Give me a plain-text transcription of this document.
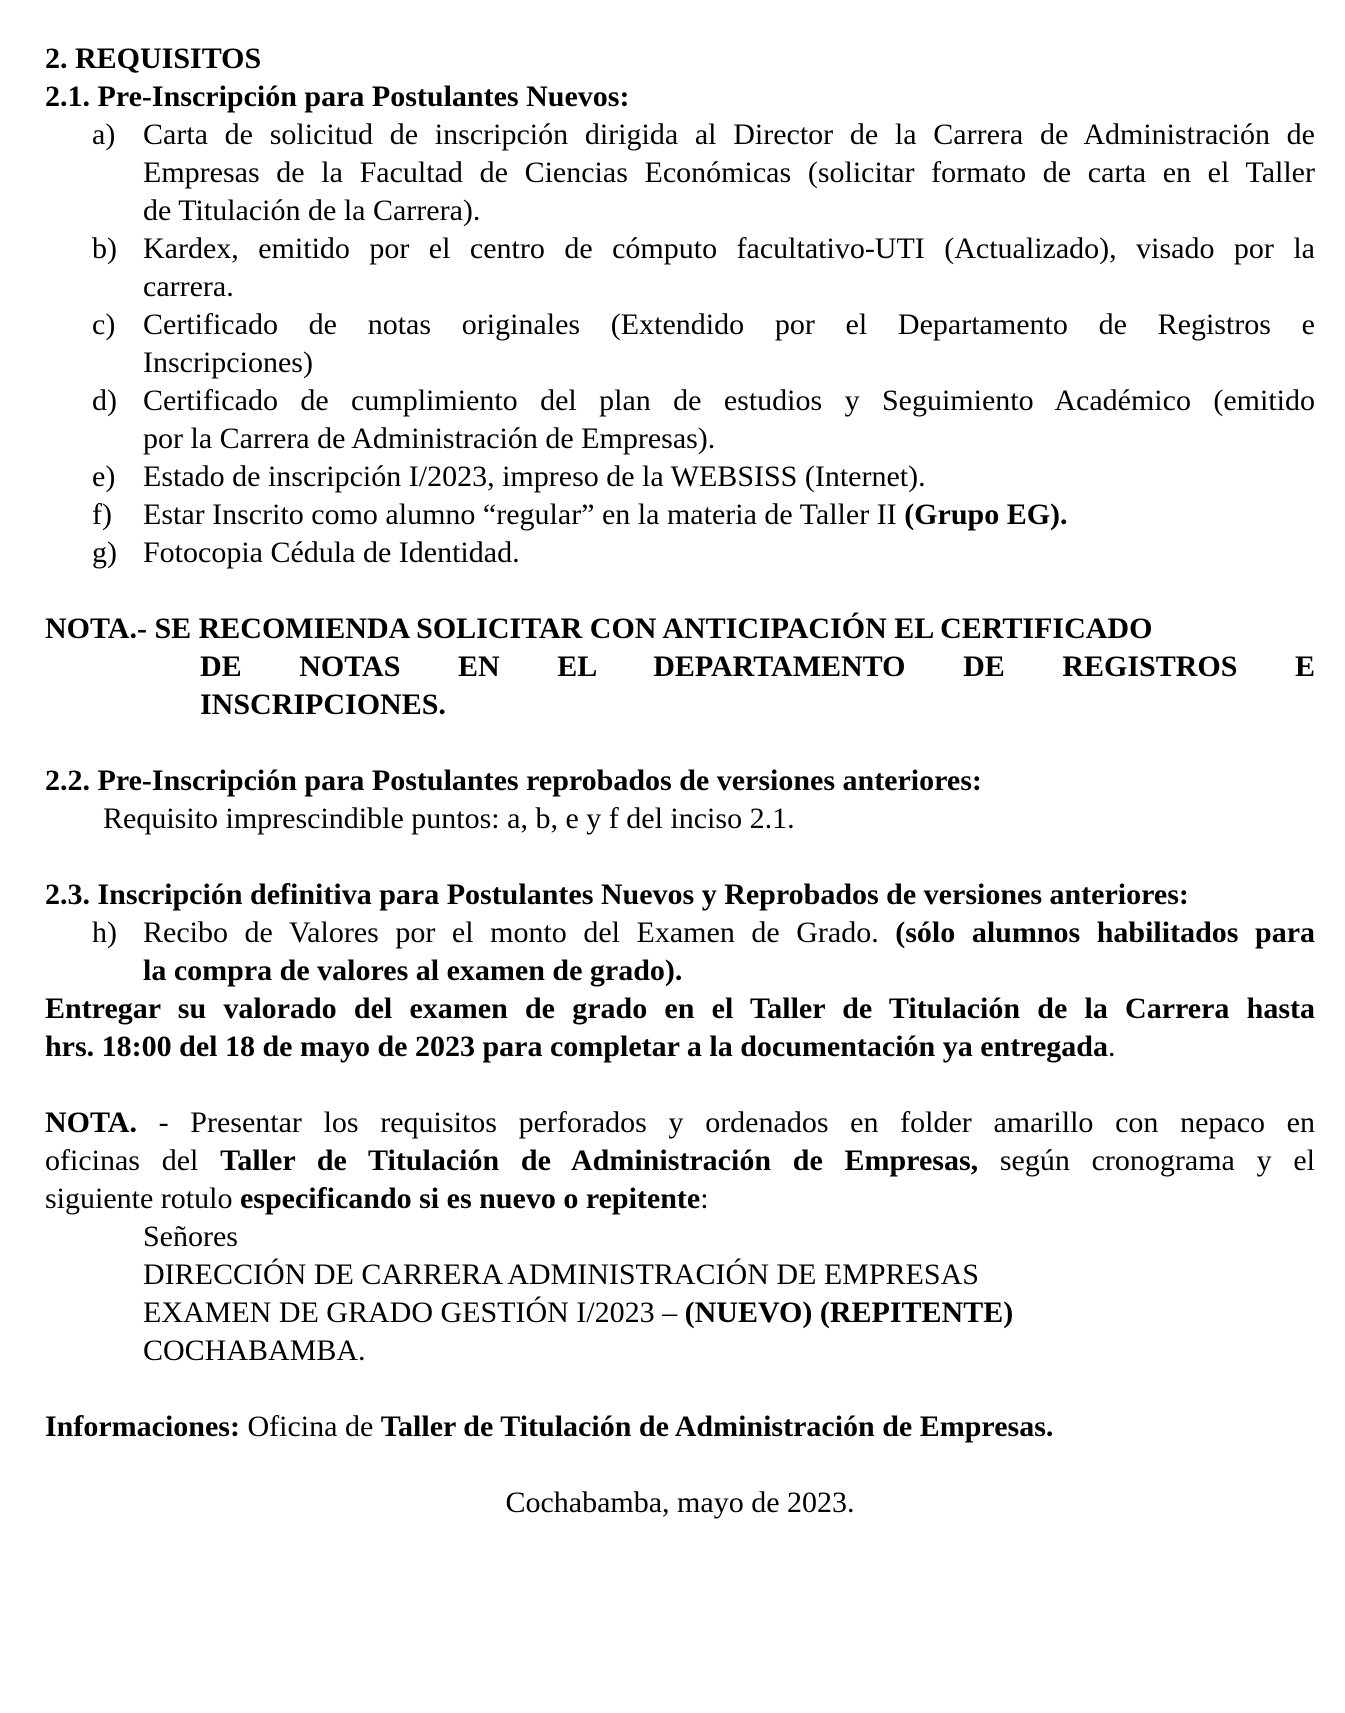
2. REQUISITOS
2.1. Pre-Inscripción para Postulantes Nuevos:
a) Carta de solicitud de inscripción dirigida al Director de la Carrera de Administración de
Empresas de la Facultad de Ciencias Económicas (solicitar formato de carta en el Taller
de Titulación de la Carrera).
b) Kardex, emitido por el centro de cómputo facultativo-UTI (Actualizado), visado por la
carrera.
c) Certificado de notas originales (Extendido por el Departamento de Registros e
Inscripciones)
d) Certificado de cumplimiento del plan de estudios y Seguimiento Académico (emitido
por la Carrera de Administración de Empresas).
e) Estado de inscripción I/2023, impreso de la WEBSISS (Internet).
f) Estar Inscrito como alumno “regular” en la materia de Taller II (Grupo EG).
g) Fotocopia Cédula de Identidad.
NOTA.- SE RECOMIENDA SOLICITAR CON ANTICIPACIÓN EL CERTIFICADO
DE NOTAS EN EL DEPARTAMENTO DE REGISTROS E
INSCRIPCIONES.
2.2. Pre-Inscripción para Postulantes reprobados de versiones anteriores:
Requisito imprescindible puntos: a, b, e y f del inciso 2.1.
2.3. Inscripción definitiva para Postulantes Nuevos y Reprobados de versiones anteriores:
h) Recibo de Valores por el monto del Examen de Grado. (sólo alumnos habilitados para
la compra de valores al examen de grado).
Entregar su valorado del examen de grado en el Taller de Titulación de la Carrera hasta
hrs. 18:00 del 18 de mayo de 2023 para completar a la documentación ya entregada.
NOTA. - Presentar los requisitos perforados y ordenados en folder amarillo con nepaco en
oficinas del Taller de Titulación de Administración de Empresas, según cronograma y el
siguiente rotulo especificando si es nuevo o repitente:
Señores
DIRECCIÓN DE CARRERA ADMINISTRACIÓN DE EMPRESAS
EXAMEN DE GRADO GESTIÓN I/2023 – (NUEVO) (REPITENTE)
COCHABAMBA.
Informaciones: Oficina de Taller de Titulación de Administración de Empresas.
Cochabamba, mayo de 2023.
